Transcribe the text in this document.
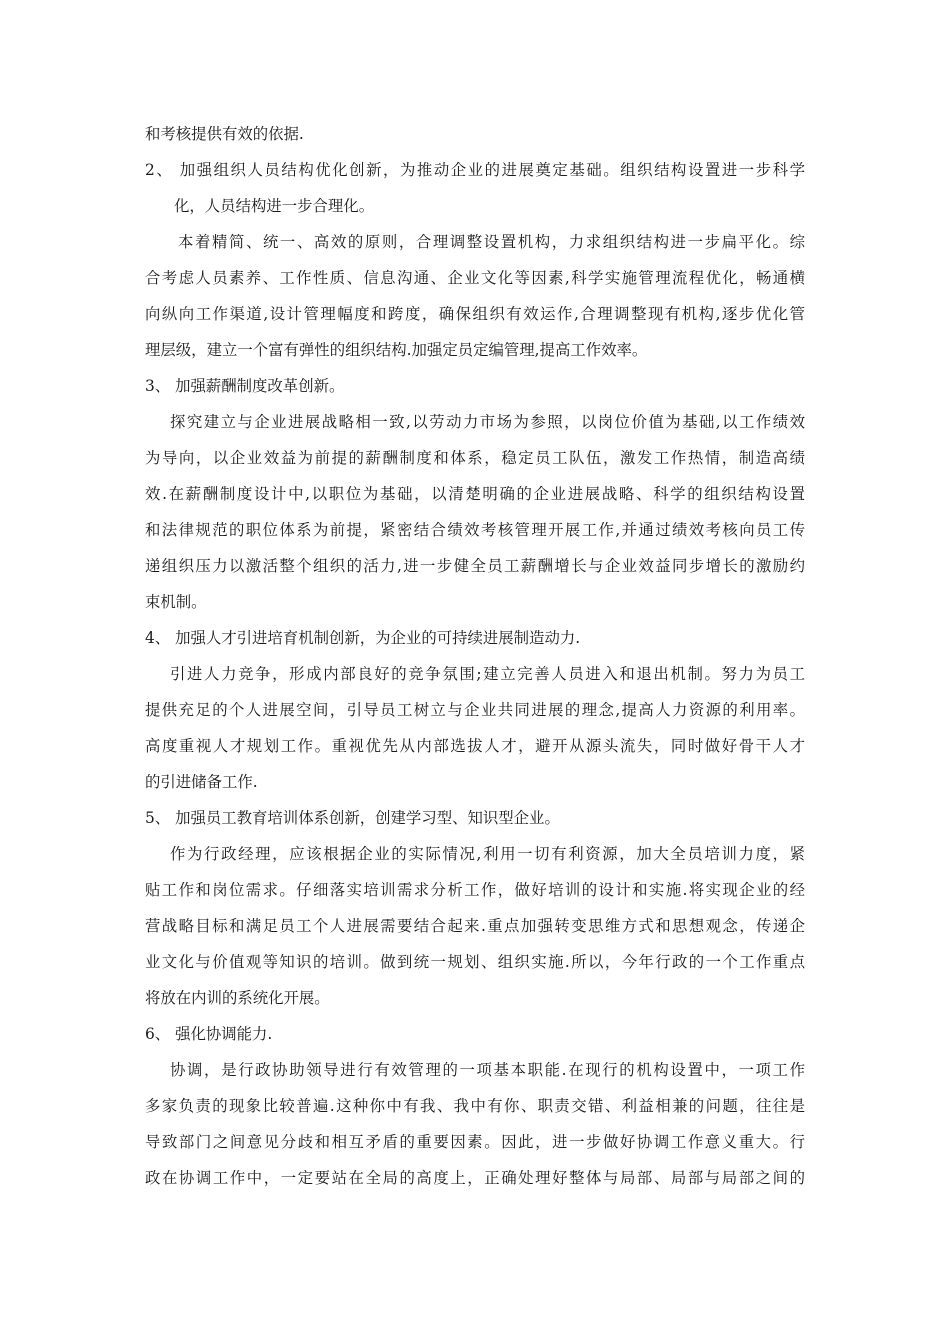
和考核提供有效的依据.
2、 加强组织人员结构优化创新，为推动企业的进展奠定基础。组织结构设置进一步科学
化，人员结构进一步合理化。
本着精简、统一、高效的原则，合理调整设置机构，力求组织结构进一步扁平化。综
合考虑人员素养、工作性质、信息沟通、企业文化等因素,科学实施管理流程优化，畅通横
向纵向工作渠道,设计管理幅度和跨度，确保组织有效运作,合理调整现有机构,逐步优化管
理层级，建立一个富有弹性的组织结构.加强定员定编管理,提高工作效率。
3、 加强薪酬制度改革创新。
探究建立与企业进展战略相一致,以劳动力市场为参照，以岗位价值为基础,以工作绩效
为导向，以企业效益为前提的薪酬制度和体系，稳定员工队伍，激发工作热情，制造高绩
效.在薪酬制度设计中,以职位为基础，以清楚明确的企业进展战略、科学的组织结构设置
和法律规范的职位体系为前提，紧密结合绩效考核管理开展工作,并通过绩效考核向员工传
递组织压力以激活整个组织的活力,进一步健全员工薪酬增长与企业效益同步增长的激励约
束机制。
4、 加强人才引进培育机制创新，为企业的可持续进展制造动力.
引进人力竞争，形成内部良好的竞争氛围;建立完善人员进入和退出机制。努力为员工
提供充足的个人进展空间，引导员工树立与企业共同进展的理念,提高人力资源的利用率。
高度重视人才规划工作。重视优先从内部选拔人才，避开从源头流失，同时做好骨干人才
的引进储备工作.
5、 加强员工教育培训体系创新，创建学习型、知识型企业。
作为行政经理，应该根据企业的实际情况,利用一切有利资源，加大全员培训力度，紧
贴工作和岗位需求。仔细落实培训需求分析工作，做好培训的设计和实施.将实现企业的经
营战略目标和满足员工个人进展需要结合起来.重点加强转变思维方式和思想观念，传递企
业文化与价值观等知识的培训。做到统一规划、组织实施.所以，今年行政的一个工作重点
将放在内训的系统化开展。
6、 强化协调能力.
协调，是行政协助领导进行有效管理的一项基本职能.在现行的机构设置中，一项工作
多家负责的现象比较普遍.这种你中有我、我中有你、职责交错、利益相兼的问题，往往是
导致部门之间意见分歧和相互矛盾的重要因素。因此，进一步做好协调工作意义重大。行
政在协调工作中，一定要站在全局的高度上，正确处理好整体与局部、局部与局部之间的
